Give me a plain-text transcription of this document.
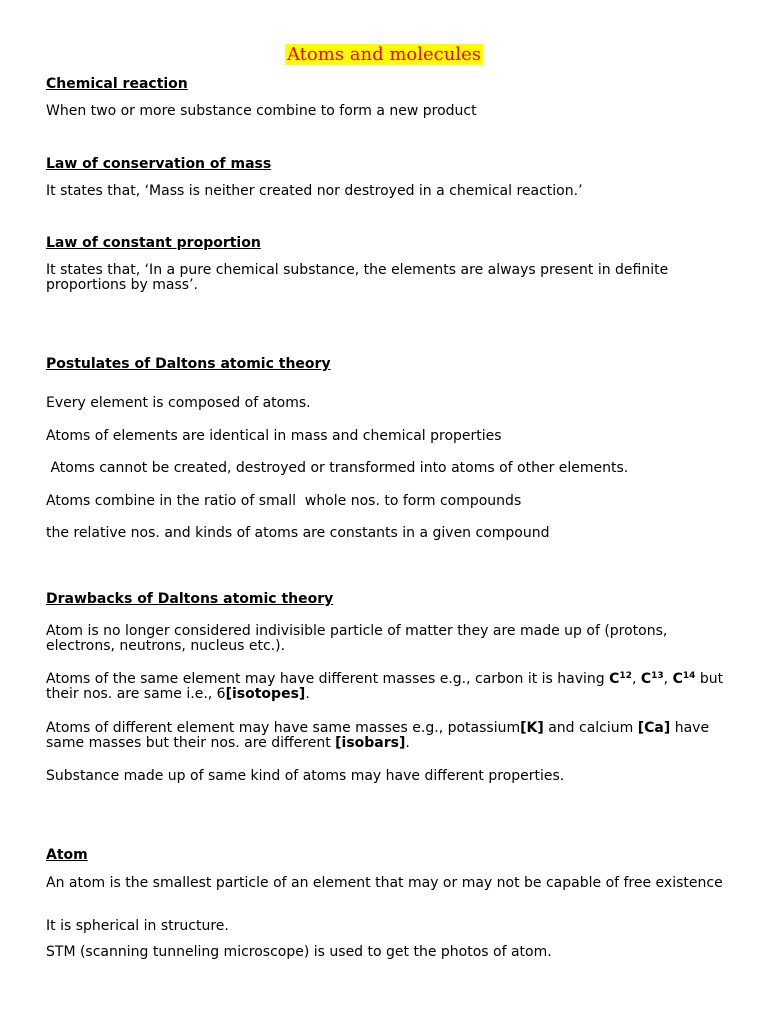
Atoms and molecules
Chemical reaction
When two or more substance combine to form a new product
Law of conservation of mass
It states that, ‘Mass is neither created nor destroyed in a chemical reaction.’
Law of constant proportion
It states that, ‘In a pure chemical substance, the elements are always present in definite proportions by mass’.
Postulates of Daltons atomic theory
Every element is composed of atoms.
Atoms of elements are identical in mass and chemical properties
Atoms cannot be created, destroyed or transformed into atoms of other elements.
Atoms combine in the ratio of small  whole nos. to form compounds
the relative nos. and kinds of atoms are constants in a given compound
Drawbacks of Daltons atomic theory
Atom is no longer considered indivisible particle of matter they are made up of (protons, electrons, neutrons, nucleus etc.).
Atoms of the same element may have different masses e.g., carbon it is having $C^{12}$, $C^{13}$, $C^{14}$ but their nos. are same i.e., 6[isotopes].
Atoms of different element may have same masses e.g., potassium[K] and calcium [Ca] have same masses but their nos. are different [isobars].
Substance made up of same kind of atoms may have different properties.
Atom
An atom is the smallest particle of an element that may or may not be capable of free existence
It is spherical in structure.
STM (scanning tunneling microscope) is used to get the photos of atom.
